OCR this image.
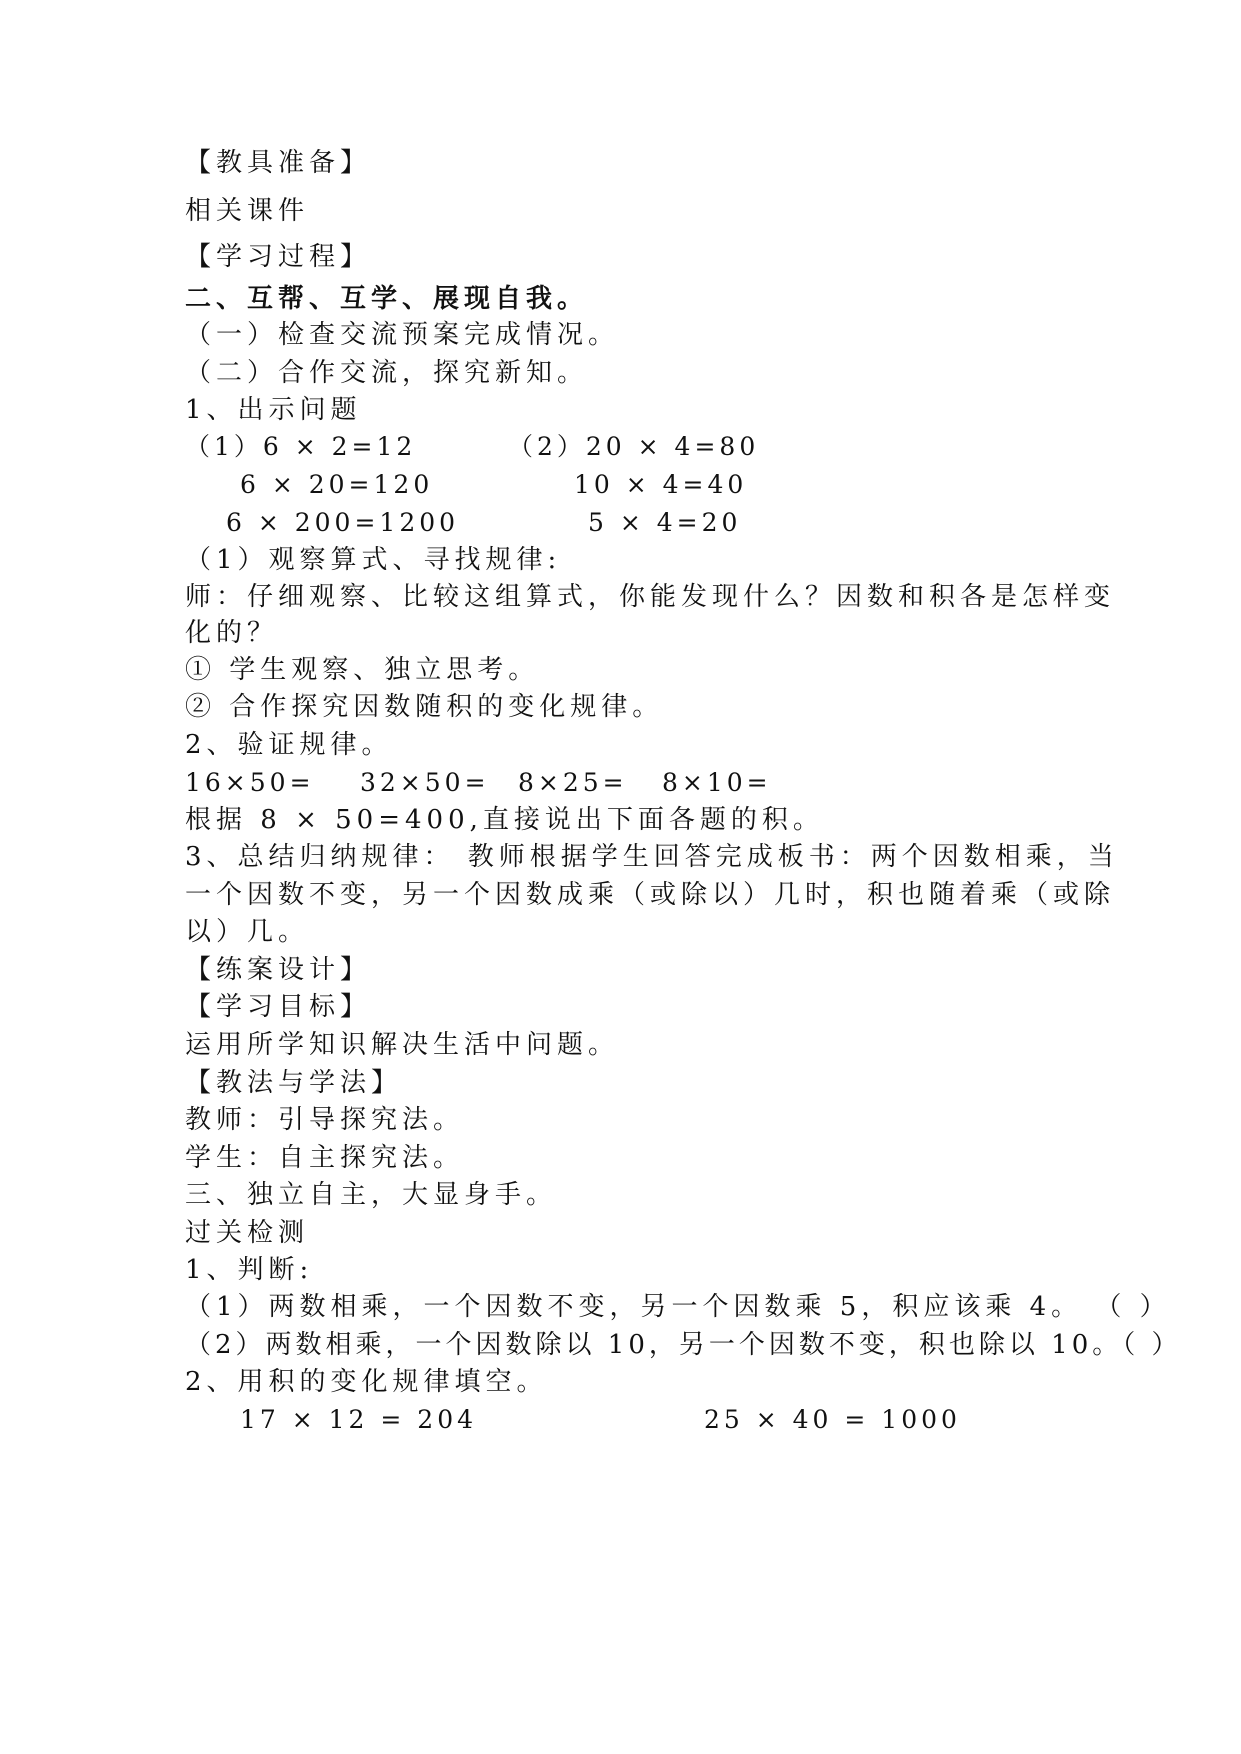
【教具准备】
相关课件
【学习过程】
二、互帮、互学、展现自我。
（一）检查交流预案完成情况。
（二）合作交流，探究新知。
1、出示问题
（1）6 × 2=12
6 × 20=120
6 × 200=1200
（2）20 × 4=80
10 × 4=40
5 × 4=20
（1）观察算式、寻找规律:
师：仔细观察、比较这组算式，你能发现什么？因数和积各是怎样变
化的？
① 学生观察、独立思考。
② 合作探究因数随积的变化规律。
2、验证规律。
16×50= 32×50= 8×25= 8×10=
根据 8 × 50=400,直接说出下面各题的积。
3、总结归纳规律： 教师根据学生回答完成板书：两个因数相乘，当
一个因数不变，另一个因数成乘（或除以）几时，积也随着乘（或除
以）几。
【练案设计】
【学习目标】
运用所学知识解决生活中问题。
【教法与学法】
教师：引导探究法。
学生：自主探究法。
三、独立自主，大显身手。
过关检测
1、判断:
（1）两数相乘，一个因数不变，另一个因数乘 5，积应该乘 4。 （ ）
（2）两数相乘，一个因数除以 10，另一个因数不变，积也除以 10。（ ）
2、用积的变化规律填空。
17 × 12 = 204	25 × 40 = 1000
